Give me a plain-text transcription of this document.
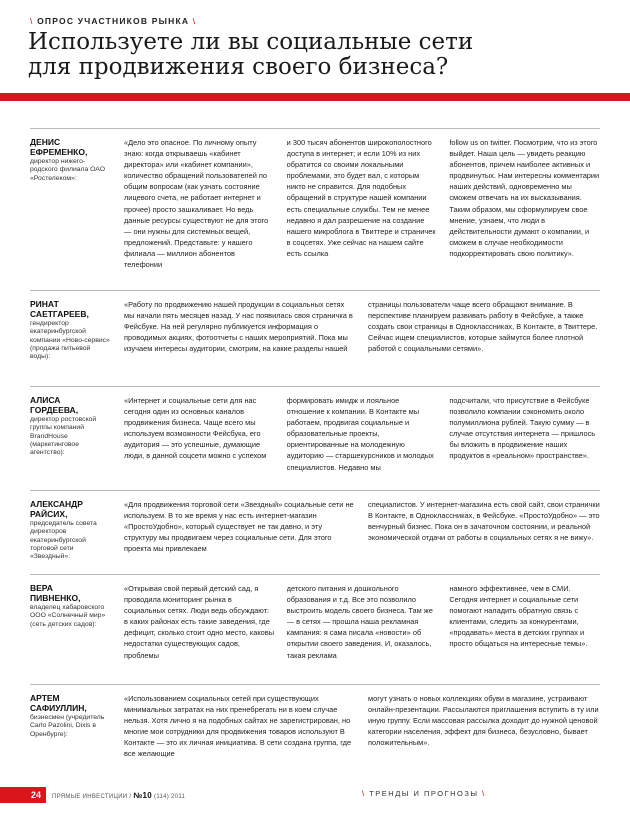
\ ОПРОС УЧАСТНИКОВ РЫНКА \
Используете ли вы социальные сети
для продвижения своего бизнеса?
ДЕНИС
ЕФРЕМЕНКО,
директор нижего-родского филиала ОАО «Ростелеком»:
«Дело это опасное. По личному опыту знаю: когда открываешь «кабинет директора» или «кабинет компании», количество обращений пользователей по общим вопросам (как узнать состояние лицевого счета, не работает интернет и прочее) просто зашкаливает. Но ведь данные ресурсы существуют не для этого — они нужны для системных вещей, предложений. Представьте: у нашего филиала — миллион абонентов телефонии
и 300 тысяч абонентов широкополостного доступа в интернет; и если 10% из них обратится со своими локальными проблемами, это будет вал, с которым никто не справится. Для подобных обращений в структуре нашей компании есть специальные службы. Тем не менее недавно я дал разрешение на создание нашего микроблога в Твиттере и страничек в соцсетях. Уже сейчас на нашем сайте есть ссылка
follow us on twitter. Посмотрим, что из этого выйдет. Наша цель — увидеть реакцию абонентов, причем наиболее активных и продвинутых. Нам интересны комментарии наших действий, одновременно мы сможем отвечать на их высказывания. Таким образом, мы сформулируем свое мнение, узнаем, что люди в действительности думают о компании, и сможем в случае необходимости подкорректировать свою политику».
РИНАТ
САЕТГАРЕЕВ,
гендиректор екатеринбургской компании «Ново-сервис» (продажа питьевой воды):
«Работу по продвижению нашей продукции в социальных сетях мы начали пять месяцев назад. У нас появилась своя страничка в Фейсбуке. На ней регулярно публикуется информация о проводимых акциях, фотоотчеты с наших мероприятий. Пока мы изучаем интересы аудитории, смотрим, на какие разделы нашей
страницы пользователи чаще всего обращают внимание. В перспективе планируем развивать работу в Фейсбуке, а также создать свои страницы в Одноклассниках, В Контакте, в Твиттере. Сейчас ищем специалистов, которые займутся более плотной работой с социальными сетями».
АЛИСА
ГОРДЕЕВА,
директор ростовской группы компаний BrandHouse (маркетинговое агентство):
«Интернет и социальные сети для нас сегодня один из основных каналов продвижения бизнеса. Чаще всего мы используем возможности Фейсбука, его аудитория — это успешные, думающие люди, в данной соцсети можно с успехом
формировать имидж и лояльное отношение к компании. В Контакте мы работаем, продвигая социальные и образовательные проекты, ориентированные на молодежную аудиторию — старшекурсников и молодых специалистов. Недавно мы
подсчитали, что присутствие в Фейсбуке позволило компании сэкономить около полумиллиона рублей. Такую сумму — в случае отсутствия интернета — пришлось бы вложить в продвижение наших продуктов в «реальном» пространстве».
АЛЕКСАНДР
РАЙСИХ,
председатель совета директоров екатеринбургской торговой сети «Звездный»:
«Для продвижения торговой сети «Звездный» социальные сети не используем. В то же время у нас есть интернет-магазин «ПростоУдобно», который существует не так давно, и эту структуру мы продвигаем через социальные сети. Для этого проекта мы привлекаем
специалистов. У интернет-магазина есть свой сайт, свои странички В Контакте, в Одноклассниках, в Фейсбуке. «ПростоУдобно» — это венчурный бизнес. Пока он в зачаточном состоянии, и реальной экономической отдачи от работы в социальных сетях я не вижу».
ВЕРА
ПИВНЕНКО,
владелец хабаровского ООО «Солнечный мир» (сеть детских садов):
«Открывая свой первый детский сад, я проводила мониторинг рынка в социальных сетях. Люди ведь обсуждают: в каких районах есть такие заведения, где дефицит, сколько стоит одно место, каковы недостатки существующих садов, проблемы
детского питания и дошкольного образования и т.д. Все это позволило выстроить модель своего бизнеса. Там же — в сетях — прошла наша рекламная кампания: я сама писала «новости» об открытии своего заведения. И, оказалось, такая реклама
намного эффективнее, чем в СМИ. Сегодня интернет и социальные сети помогают наладить обратную связь с клиентами, следить за конкурентами, «продавать» места в детских группах и просто общаться на интересные темы».
АРТЕМ
САФИУЛЛИН,
бизнесмен (учредитель Carlo Pazolini, Dixis в Оренбурге):
«Использованием социальных сетей при существующих минимальных затратах на них пренебрегать ни в коем случае нельзя. Хотя лично я на подобных сайтах не зарегистрирован, но многие мои сотрудники для продвижения товаров используют В Контакте — это их личная инициатива. В сети создана группа, где все желающие
могут узнать о новых коллекциях обуви в магазине, устраивают онлайн-презентации. Рассылаются приглашения вступить в ту или иную группу. Если массовая рассылка доходит до нужной ценовой категории населения, эффект для бизнеса, безусловно, бывает положительным».
24	ПРЯМЫЕ ИНВЕСТИЦИИ / №10 (114) 2011	\ ТРЕНДЫ И ПРОГНОЗЫ \
